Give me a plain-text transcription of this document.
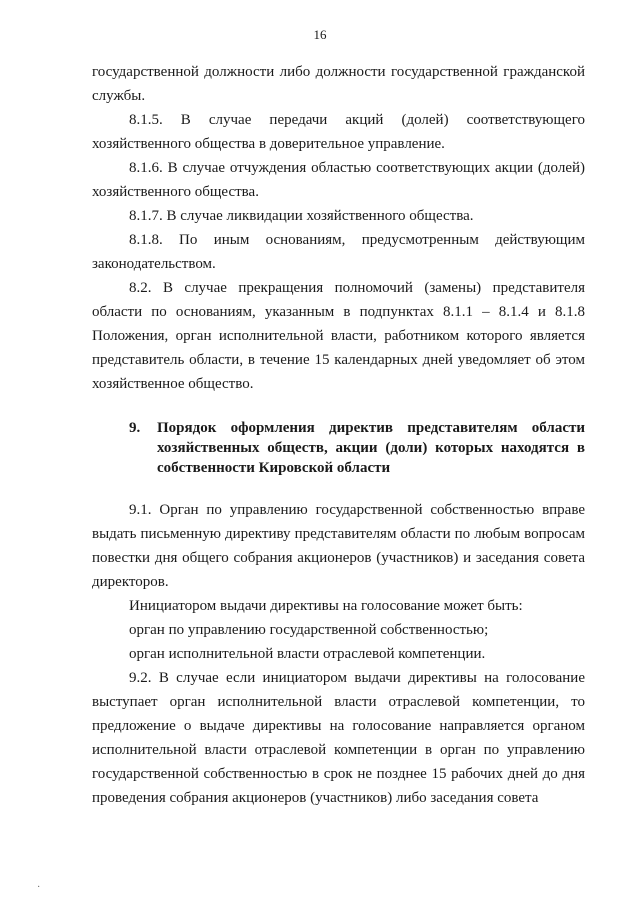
16

государственной должности либо должности государственной гражданской службы.

8.1.5. В случае передачи акций (долей) соответствующего хозяйственного общества в доверительное управление.

8.1.6. В случае отчуждения областью соответствующих акции (долей) хозяйственного общества.

8.1.7. В случае ликвидации хозяйственного общества.

8.1.8. По иным основаниям, предусмотренным действующим законодательством.

8.2. В случае прекращения полномочий (замены) представителя области по основаниям, указанным в подпунктах 8.1.1 – 8.1.4 и 8.1.8 Положения, орган исполнительной власти, работником которого является представитель области, в течение 15 календарных дней уведомляет об этом хозяйственное общество.

9.	Порядок оформления директив представителям области хозяйственных обществ, акции (доли) которых находятся в собственности Кировской области

9.1. Орган по управлению государственной собственностью вправе выдать письменную директиву представителям области по любым вопросам повестки дня общего собрания акционеров (участников) и заседания совета директоров.

Инициатором выдачи директивы на голосование может быть:

орган по управлению государственной собственностью;

орган исполнительной власти отраслевой компетенции.

9.2. В случае если инициатором выдачи директивы на голосование выступает орган исполнительной власти отраслевой компетенции, то предложение о выдаче директивы на голосование направляется органом исполнительной власти отраслевой компетенции в орган по управлению государственной собственностью в срок не позднее 15 рабочих дней до дня проведения собрания акционеров (участников) либо заседания совета

·
